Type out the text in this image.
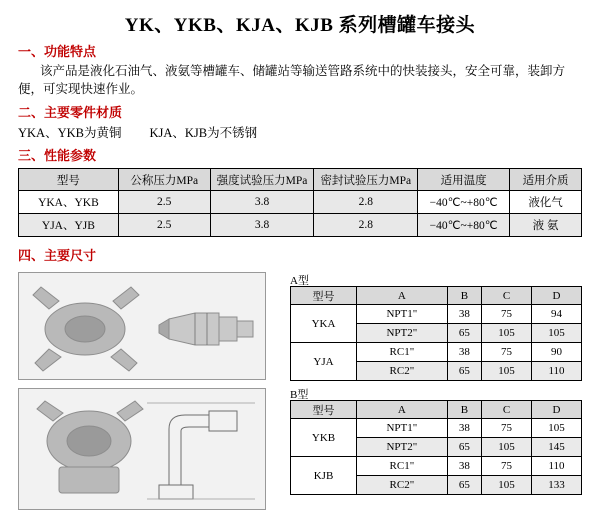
YK、YKB、KJA、KJB 系列槽罐车接头
一、功能特点
该产品是液化石油气、液氨等槽罐车、储罐站等输送管路系统中的快装接头，安全可靠，装卸方便，可实现快速作业。
二、主要零件材质
YKA、YKB为黄铜 KJA、KJB为不锈钢
三、性能参数
型号	公称压力MPa	强度试验压力MPa	密封试验压力MPa	适用温度	适用介质
YKA、YKB	2.5	3.8	2.8	−40℃~+80℃	液化气
YJA、YJB	2.5	3.8	2.8	−40℃~+80℃	液 氨
四、主要尺寸
A型
B型
型号	A	B	C	D
YKA	NPT1"	38	75	94
	NPT2"	65	105	105
YJA	RC1"	38	75	90
	RC2"	65	105	110
型号	A	B	C	D
YKB	NPT1"	38	75	105
	NPT2"	65	105	145
KJB	RC1"	38	75	110
	RC2"	65	105	133
